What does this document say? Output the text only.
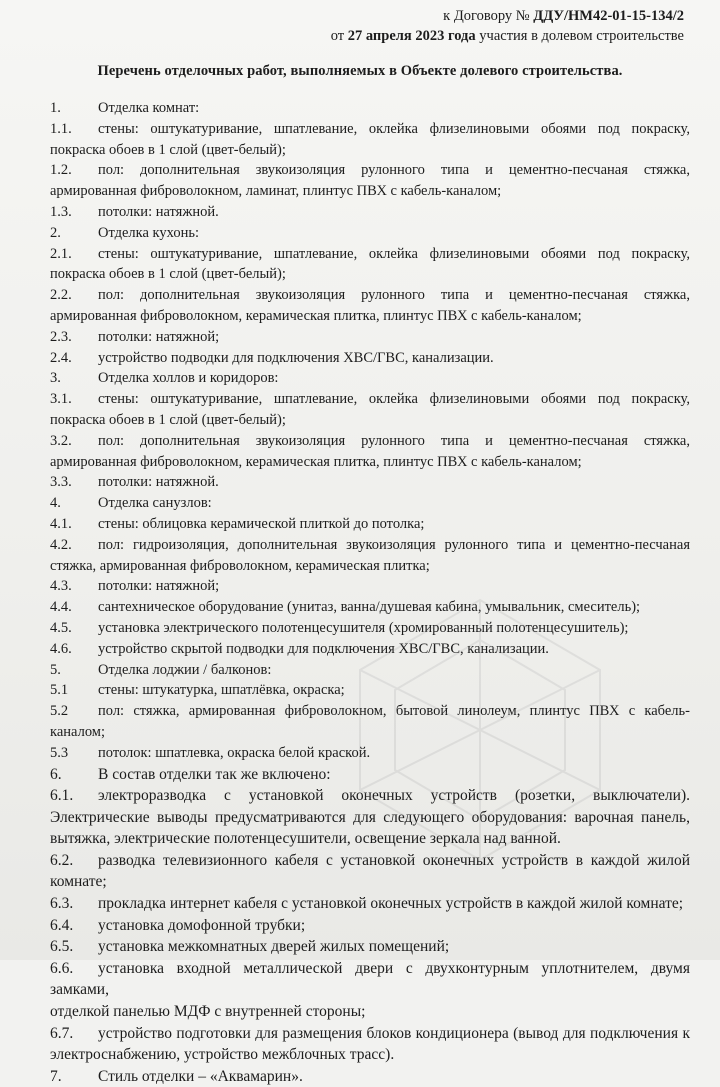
к Договору № ДДУ/НМ42-01-15-134/2
от 27 апреля 2023 года участия в долевом строительстве
Перечень отделочных работ, выполняемых в Объекте долевого строительства.
1.	Отделка комнат:
1.1. стены: оштукатуривание, шпатлевание, оклейка флизелиновыми обоями под покраску,
покраска обоев в 1 слой (цвет-белый);
1.2. пол: дополнительная звукоизоляция рулонного типа и цементно-песчаная стяжка,
армированная фиброволокном, ламинат, плинтус ПВХ с кабель-каналом;
1.3. потолки: натяжной.
2.	Отделка кухонь:
2.1. стены: оштукатуривание, шпатлевание, оклейка флизелиновыми обоями под покраску,
покраска обоев в 1 слой (цвет-белый);
2.2. пол: дополнительная звукоизоляция рулонного типа и цементно-песчаная стяжка,
армированная фиброволокном, керамическая плитка, плинтус ПВХ с кабель-каналом;
2.3. потолки: натяжной;
2.4. устройство подводки для подключения ХВС/ГВС, канализации.
3.	Отделка холлов и коридоров:
3.1. стены: оштукатуривание, шпатлевание, оклейка флизелиновыми обоями под покраску,
покраска обоев в 1 слой (цвет-белый);
3.2. пол: дополнительная звукоизоляция рулонного типа и цементно-песчаная стяжка,
армированная фиброволокном, керамическая плитка, плинтус ПВХ с кабель-каналом;
3.3. потолки: натяжной.
4.	Отделка санузлов:
4.1. стены: облицовка керамической плиткой до потолка;
4.2. пол: гидроизоляция, дополнительная звукоизоляция рулонного типа и цементно-песчаная
стяжка, армированная фиброволокном, керамическая плитка;
4.3. потолки: натяжной;
4.4. сантехническое оборудование (унитаз, ванна/душевая кабина, умывальник, смеситель);
4.5. установка электрического полотенцесушителя (хромированный полотенцесушитель);
4.6. устройство скрытой подводки для подключения ХВС/ГВС, канализации.
5.	Отделка лоджии / балконов:
5.1 стены: штукатурка, шпатлёвка, окраска;
5.2 пол: стяжка, армированная фиброволокном, бытовой линолеум, плинтус ПВХ с кабель-
каналом;
5.3 потолок: шпатлевка, окраска белой краской.
6. В состав отделки так же включено:
6.1. электроразводка с установкой оконечных устройств (розетки, выключатели).
Электрические выводы предусматриваются для следующего оборудования: варочная панель,
вытяжка, электрические полотенцесушители, освещение зеркала над ванной.
6.2. разводка телевизионного кабеля с установкой оконечных устройств в каждой жилой
комнате;
6.3. прокладка интернет кабеля с установкой оконечных устройств в каждой жилой комнате;
6.4. установка домофонной трубки;
6.5. установка межкомнатных дверей жилых помещений;
6.6. установка входной металлической двери с двухконтурным уплотнителем, двумя замками,
отделкой панелью МДФ с внутренней стороны;
6.7. устройство подготовки для размещения блоков кондиционера (вывод для подключения к
электроснабжению, устройство межблочных трасс).
7. Стиль отделки – «Аквамарин».
